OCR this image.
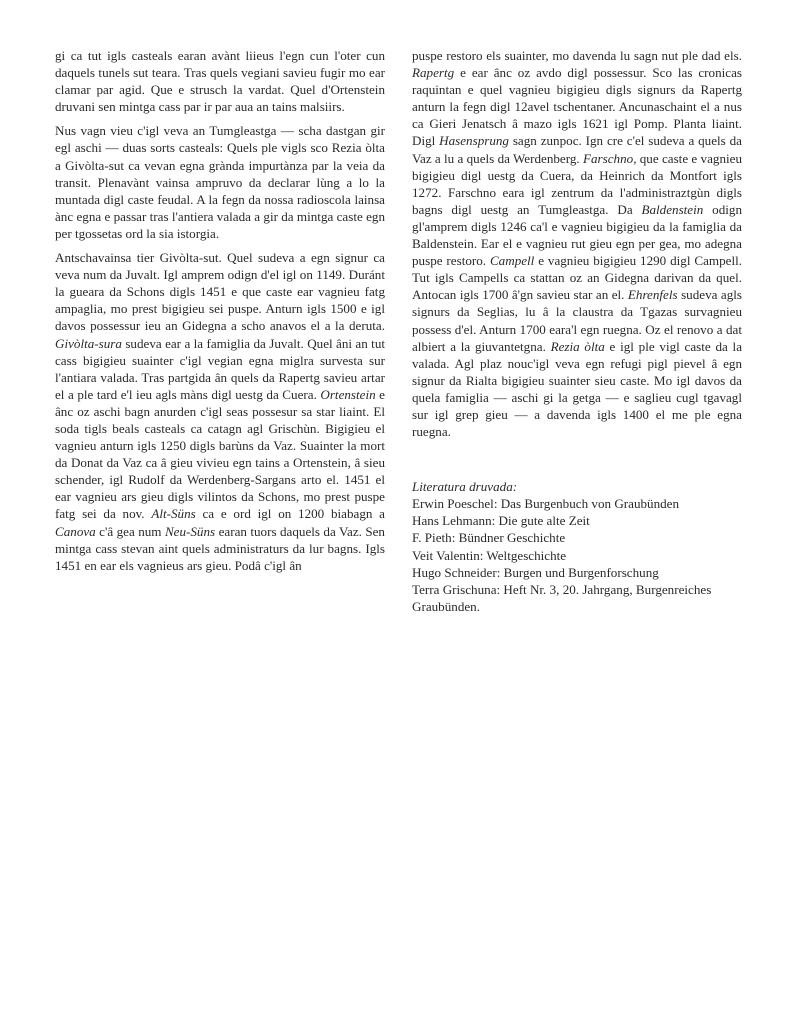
gi ca tut igls casteals earan avànt liieus l'egn cun l'oter cun daquels tunels sut teara. Tras quels vegiani savieu fugir mo ear clamar par agid. Que e strusch la vardat. Quel d'Ortenstein druvani sen mintga cass par ir par aua an tains malsiirs.

Nus vagn vieu c'igl veva an Tumgleastga — scha dastgan gir egl aschi — duas sorts casteals: Quels ple vigls sco Rezia òlta a Givòlta-sut ca vevan egna grànda impurtànza par la veia da transit. Plenavànt vainsa ampruvo da declarar lùng a lo la muntada digl caste feudal. A la fegn da nossa radioscola lainsa ànc egna e passar tras l'antiera valada a gir da mintga caste egn per tgossetas ord la sia istorgia.

Antschavainsa tier Givòlta-sut. Quel sudeva a egn signur ca veva num da Juvalt. Igl amprem odign d'el igl on 1149. Duránt la gueara da Schons digls 1451 e que caste ear vagnieu fatg ampaglia, mo prest bigigieu sei puspe. Anturn igls 1500 e igl davos possessur ieu an Gidegna a scho anavos el a la deruta. Givòlta-sura sudeva ear a la famiglia da Juvalt. Quel âni an tut cass bigigieu suainter c'igl vegian egna miglra survesta sur l'antiara valada. Tras partgida ân quels da Rapertg savieu artar el a ple tard e'l ieu agls màns digl uestg da Cuera. Ortenstein e ânc oz aschi bagn anurden c'igl seas possesur sa star liaint. El soda tigls beals casteals ca catagn agl Grischùn. Bigigieu el vagnieu anturn igls 1250 digls barùns da Vaz. Suainter la mort da Donat da Vaz ca â gieu vivieu egn tains a Ortenstein, â sieu schender, igl Rudolf da Werdenberg-Sargans arto el. 1451 el ear vagnieu ars gieu digls vilintos da Schons, mo prest puspe fatg sei da nov. Alt-Süns ca e ord igl on 1200 biabagn a Canova c'â gea num Neu-Süns earan tuors daquels da Vaz. Sen mintga cass stevan aint quels administraturs da lur bagns. Igls 1451 en ear els vagnieus ars gieu. Podâ c'igl ân

puspe restoro els suainter, mo davenda lu sagn nut ple dad els. Rapertg e ear ânc oz avdo digl possessur. Sco las cronicas raquintan e quel vagnieu bigigieu digls signurs da Rapertg anturn la fegn digl 12avel tschentaner. Ancunaschaint el a nus ca Gieri Jenatsch â mazo igls 1621 igl Pomp. Planta liaint. Digl Hasensprung sagn zunpoc. Ign cre c'el sudeva a quels da Vaz a lu a quels da Werdenberg. Farschno, que caste e vagnieu bigigieu digl uestg da Cuera, da Heinrich da Montfort igls 1272. Farschno eara igl zentrum da l'administraztgùn digls bagns digl uestg an Tumgleastga. Da Baldenstein odign gl'amprem digls 1246 ca'l e vagnieu bigigieu da la famiglia da Baldenstein. Ear el e vagnieu rut gieu egn per gea, mo adegna puspe restoro. Campell e vagnieu bigigieu 1290 digl Campell. Tut igls Campells ca stattan oz an Gidegna darivan da quel. Antocan igls 1700 â'gn savieu star an el. Ehrenfels sudeva agls signurs da Seglias, lu â la claustra da Tgazas survagnieu possess d'el. Anturn 1700 eara'l egn ruegna. Oz el renovo a dat albiert a la giuvantetgna. Rezia òlta e igl ple vigl caste da la valada. Agl plaz nouc'igl veva egn refugi pigl pievel â egn signur da Rialta bigigieu suainter sieu caste. Mo igl davos da quela famiglia — aschi gi la getga — e saglieu cugl tgavagl sur igl grep gieu — a davenda igls 1400 el me ple egna ruegna.

Literatura druvada:

Erwin Poeschel: Das Burgenbuch von Graubünden
Hans Lehmann: Die gute alte Zeit
F. Pieth: Bündner Geschichte
Veit Valentin: Weltgeschichte
Hugo Schneider: Burgen und Burgenforschung
Terra Grischuna: Heft Nr. 3, 20. Jahrgang, Burgenreiches Graubünden.
